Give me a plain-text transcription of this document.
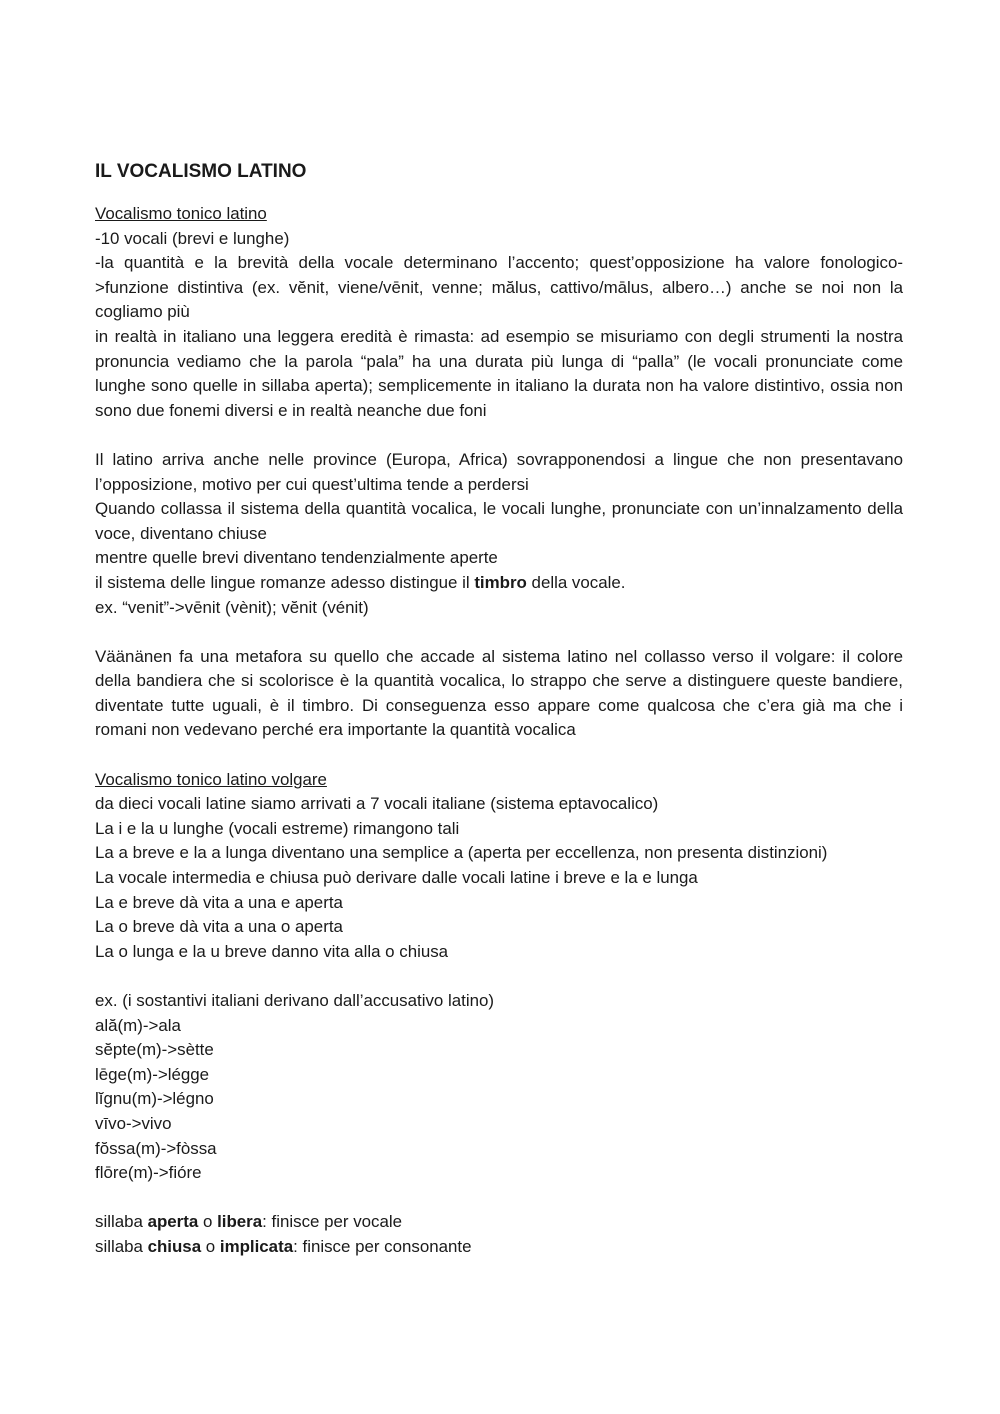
IL VOCALISMO LATINO

Vocalismo tonico latino

-10 vocali (brevi e lunghe)

-la quantità e la brevità della vocale determinano l’accento; quest’opposizione ha valore fonologico->funzione distintiva (ex. vĕnit, viene/vēnit, venne; mălus, cattivo/mālus, albero…) anche se noi non la cogliamo più

in realtà in italiano una leggera eredità è rimasta: ad esempio se misuriamo con degli strumenti la nostra pronuncia vediamo che la parola “pala” ha una durata più lunga di “palla” (le vocali pronunciate come lunghe sono quelle in sillaba aperta); semplicemente in italiano la durata non ha valore distintivo, ossia non sono due fonemi diversi e in realtà neanche due foni

Il latino arriva anche nelle province (Europa, Africa) sovrapponendosi a lingue che non presentavano l’opposizione, motivo per cui quest’ultima tende a perdersi

Quando collassa il sistema della quantità vocalica, le vocali lunghe, pronunciate con un’innalzamento della voce, diventano chiuse

mentre quelle brevi diventano tendenzialmente aperte

il sistema delle lingue romanze adesso distingue il timbro della vocale.

ex. “venit”->vēnit (vènit); vĕnit (vénit)

Väänänen fa una metafora su quello che accade al sistema latino nel collasso verso il volgare: il colore della bandiera che si scolorisce è la quantità vocalica, lo strappo che serve a distinguere queste bandiere, diventate tutte uguali, è il timbro. Di conseguenza esso appare come qualcosa che c’era già ma che i romani non vedevano perché era importante la quantità vocalica

Vocalismo tonico latino volgare

da dieci vocali latine siamo arrivati a 7 vocali italiane (sistema eptavocalico)

La i e la u lunghe (vocali estreme) rimangono tali

La a breve e la a lunga diventano una semplice a (aperta per eccellenza, non presenta distinzioni)

La vocale intermedia e chiusa può derivare dalle vocali latine i breve e la e lunga

La e breve dà vita a una e aperta

La o breve dà vita a una o aperta

La o lunga e la u breve danno vita alla o chiusa

ex. (i sostantivi italiani derivano dall’accusativo latino)

ală(m)->ala

sĕpte(m)->sètte

lēge(m)->légge

lĭgnu(m)->légno

vīvo->vivo

fŏssa(m)->fòssa

flōre(m)->fióre

sillaba aperta o libera: finisce per vocale

sillaba chiusa o implicata: finisce per consonante
